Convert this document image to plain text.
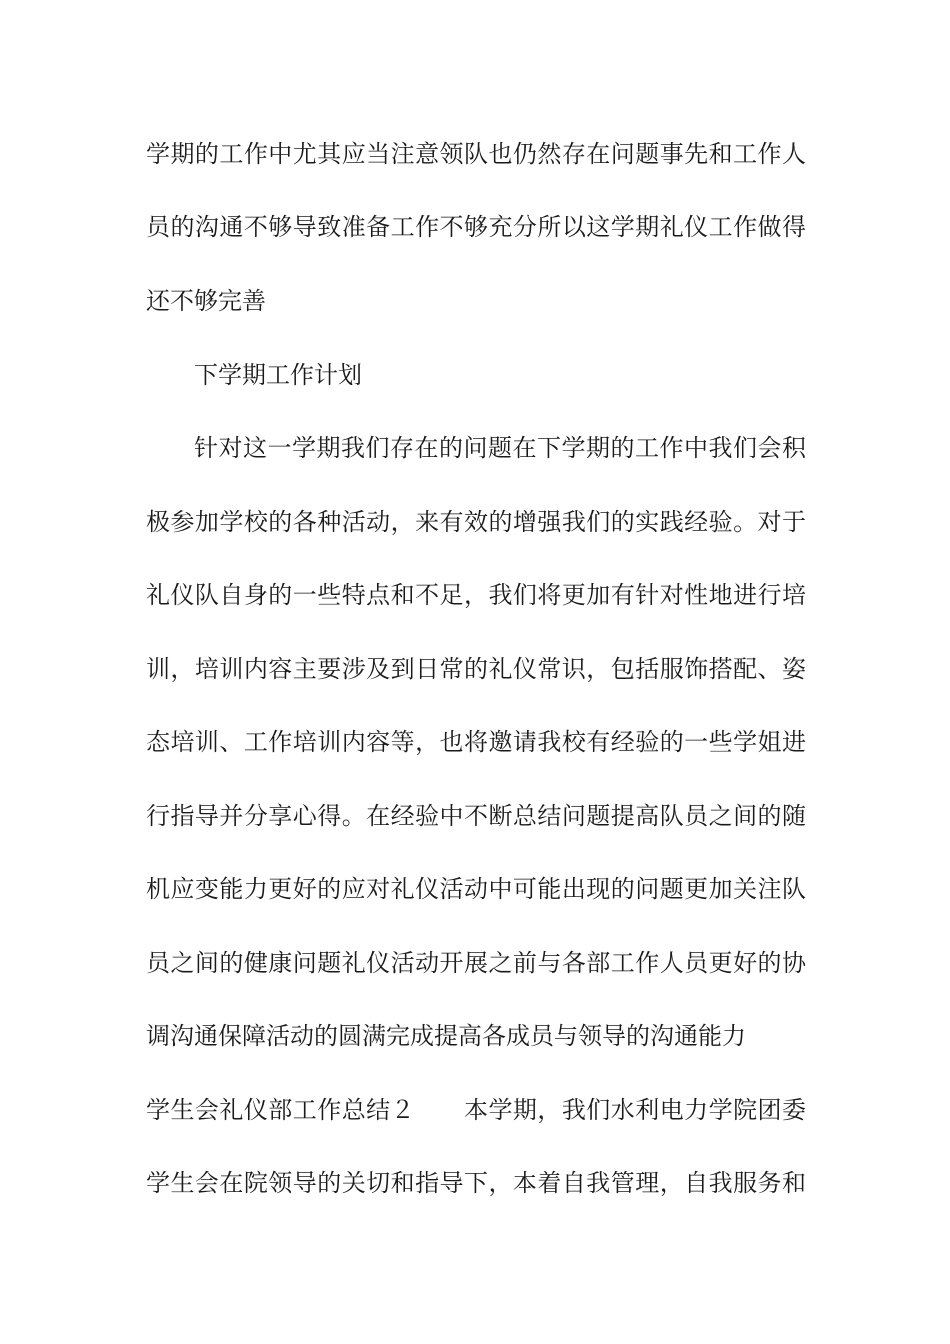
学期的工作中尤其应当注意领队也仍然存在问题事先和工作人
员的沟通不够导致准备工作不够充分所以这学期礼仪工作做得
还不够完善
下学期工作计划
针对这一学期我们存在的问题在下学期的工作中我们会积
极参加学校的各种活动，来有效的增强我们的实践经验。对于
礼仪队自身的一些特点和不足，我们将更加有针对性地进行培
训，培训内容主要涉及到日常的礼仪常识，包括服饰搭配、姿
态培训、工作培训内容等，也将邀请我校有经验的一些学姐进
行指导并分享心得。在经验中不断总结问题提高队员之间的随
机应变能力更好的应对礼仪活动中可能出现的问题更加关注队
员之间的健康问题礼仪活动开展之前与各部工作人员更好的协
调沟通保障活动的圆满完成提高各成员与领导的沟通能力
学生会礼仪部工作总结２　　本学期，我们水利电力学院团委
学生会在院领导的关切和指导下，本着自我管理，自我服务和
